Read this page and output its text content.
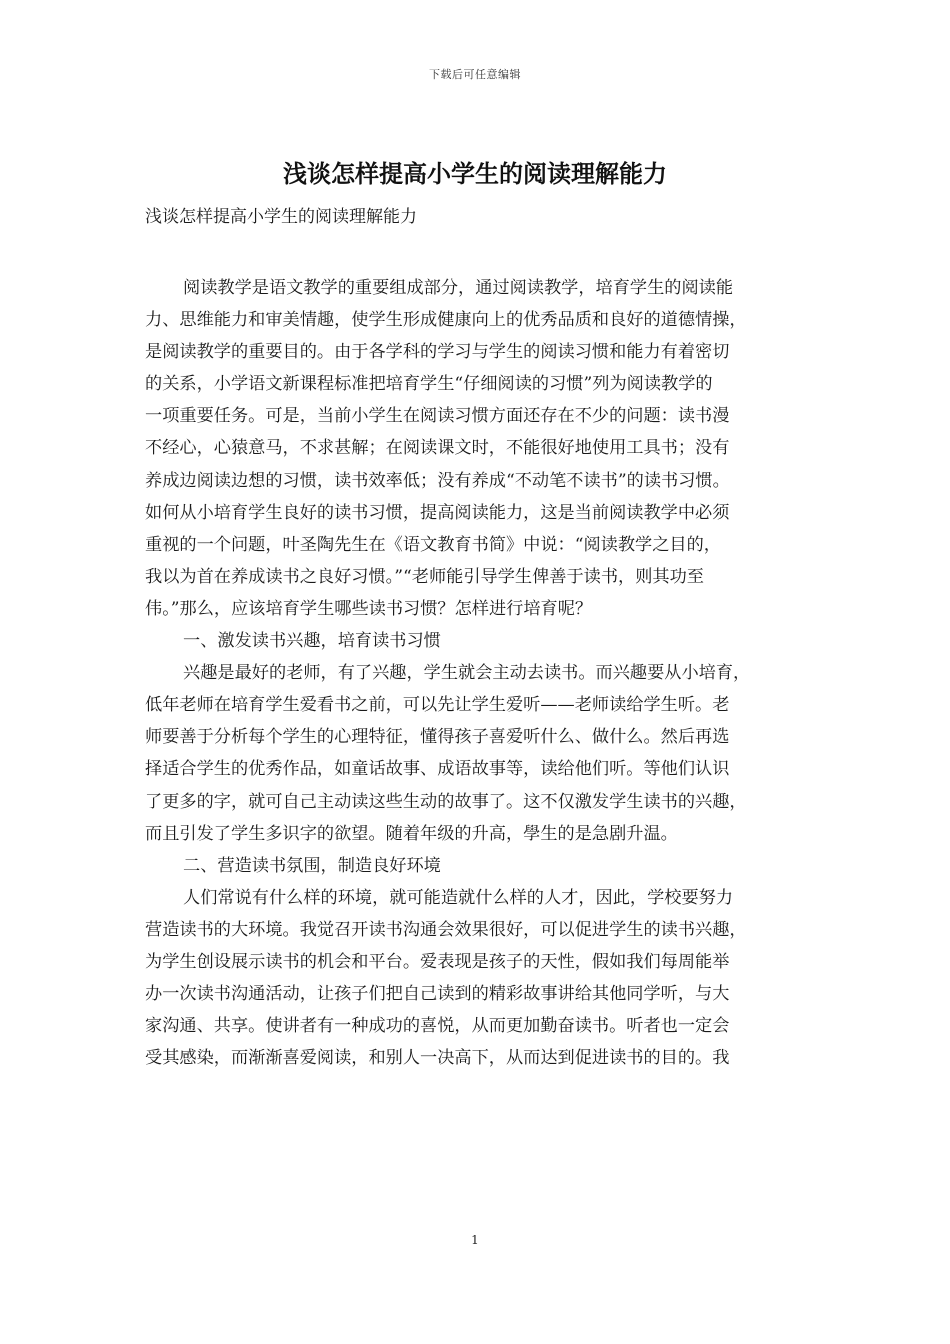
下载后可任意编辑
浅谈怎样提高小学生的阅读理解能力
浅谈怎样提高小学生的阅读理解能力
阅读教学是语文教学的重要组成部分，通过阅读教学，培育学生的阅读能
力、思维能力和审美情趣，使学生形成健康向上的优秀品质和良好的道德情操，
是阅读教学的重要目的。由于各学科的学习与学生的阅读习惯和能力有着密切
的关系，小学语文新课程标准把培育学生“仔细阅读的习惯”列为阅读教学的
一项重要任务。可是，当前小学生在阅读习惯方面还存在不少的问题：读书漫
不经心，心猿意马，不求甚解；在阅读课文时，不能很好地使用工具书；没有
养成边阅读边想的习惯，读书效率低；没有养成“不动笔不读书”的读书习惯。
如何从小培育学生良好的读书习惯，提高阅读能力，这是当前阅读教学中必须
重视的一个问题，叶圣陶先生在《语文教育书简》中说：“阅读教学之目的，
我以为首在养成读书之良好习惯。”“老师能引导学生俾善于读书，则其功至
伟。”那么，应该培育学生哪些读书习惯？怎样进行培育呢？
一、激发读书兴趣，培育读书习惯
兴趣是最好的老师，有了兴趣，学生就会主动去读书。而兴趣要从小培育，
低年老师在培育学生爱看书之前，可以先让学生爱听——老师读给学生听。老
师要善于分析每个学生的心理特征，懂得孩子喜爱听什么、做什么。然后再选
择适合学生的优秀作品，如童话故事、成语故事等，读给他们听。等他们认识
了更多的字，就可自己主动读这些生动的故事了。这不仅激发学生读书的兴趣，
而且引发了学生多识字的欲望。随着年级的升高，學生的是急剧升温。
二、营造读书氛围，制造良好环境
人们常说有什么样的环境，就可能造就什么样的人才，因此，学校要努力
营造读书的大环境。我觉召开读书沟通会效果很好，可以促进学生的读书兴趣，
为学生创设展示读书的机会和平台。爱表现是孩子的天性，假如我们每周能举
办一次读书沟通活动，让孩子们把自己读到的精彩故事讲给其他同学听，与大
家沟通、共享。使讲者有一种成功的喜悦，从而更加勤奋读书。听者也一定会
受其感染，而渐渐喜爱阅读，和别人一决高下，从而达到促进读书的目的。我
1
